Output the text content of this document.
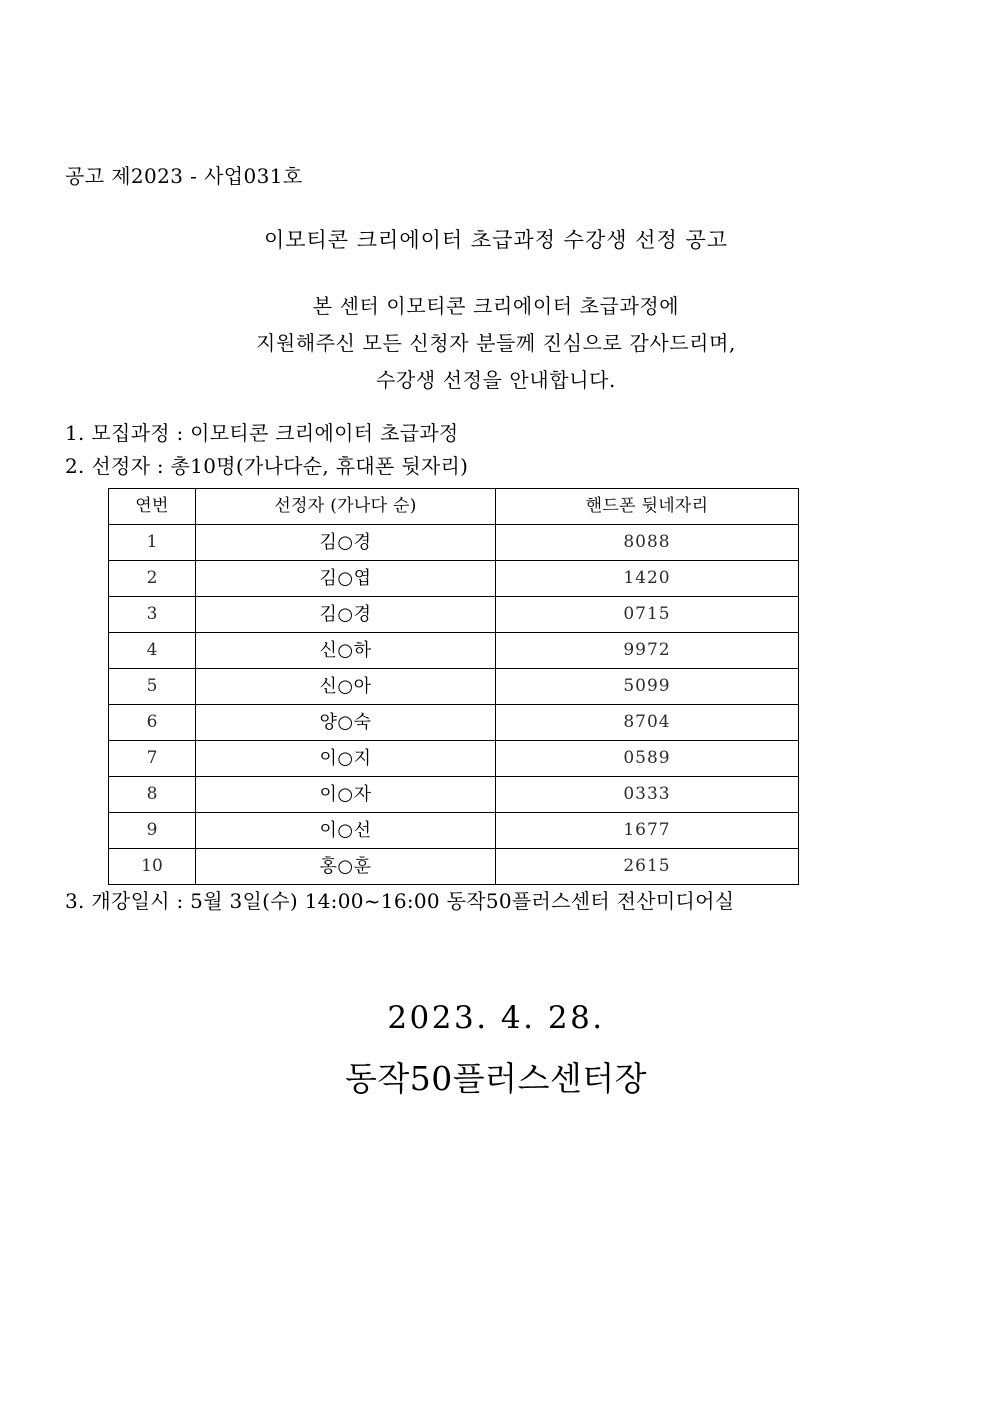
공고 제2023 - 사업031호
이모티콘 크리에이터 초급과정 수강생 선정 공고
본 센터 이모티콘 크리에이터 초급과정에
지원해주신 모든 신청자 분들께 진심으로 감사드리며,
수강생 선정을 안내합니다.
1. 모집과정 : 이모티콘 크리에이터 초급과정
2. 선정자 : 총10명(가나다순, 휴대폰 뒷자리)
연번	선정자 (가나다 순)	핸드폰 뒷네자리
1	김○경	8088
2	김○엽	1420
3	김○경	0715
4	신○하	9972
5	신○아	5099
6	양○숙	8704
7	이○지	0589
8	이○자	0333
9	이○선	1677
10	홍○훈	2615
3. 개강일시 : 5월 3일(수) 14:00~16:00 동작50플러스센터 전산미디어실
2023. 4. 28.
동작50플러스센터장
